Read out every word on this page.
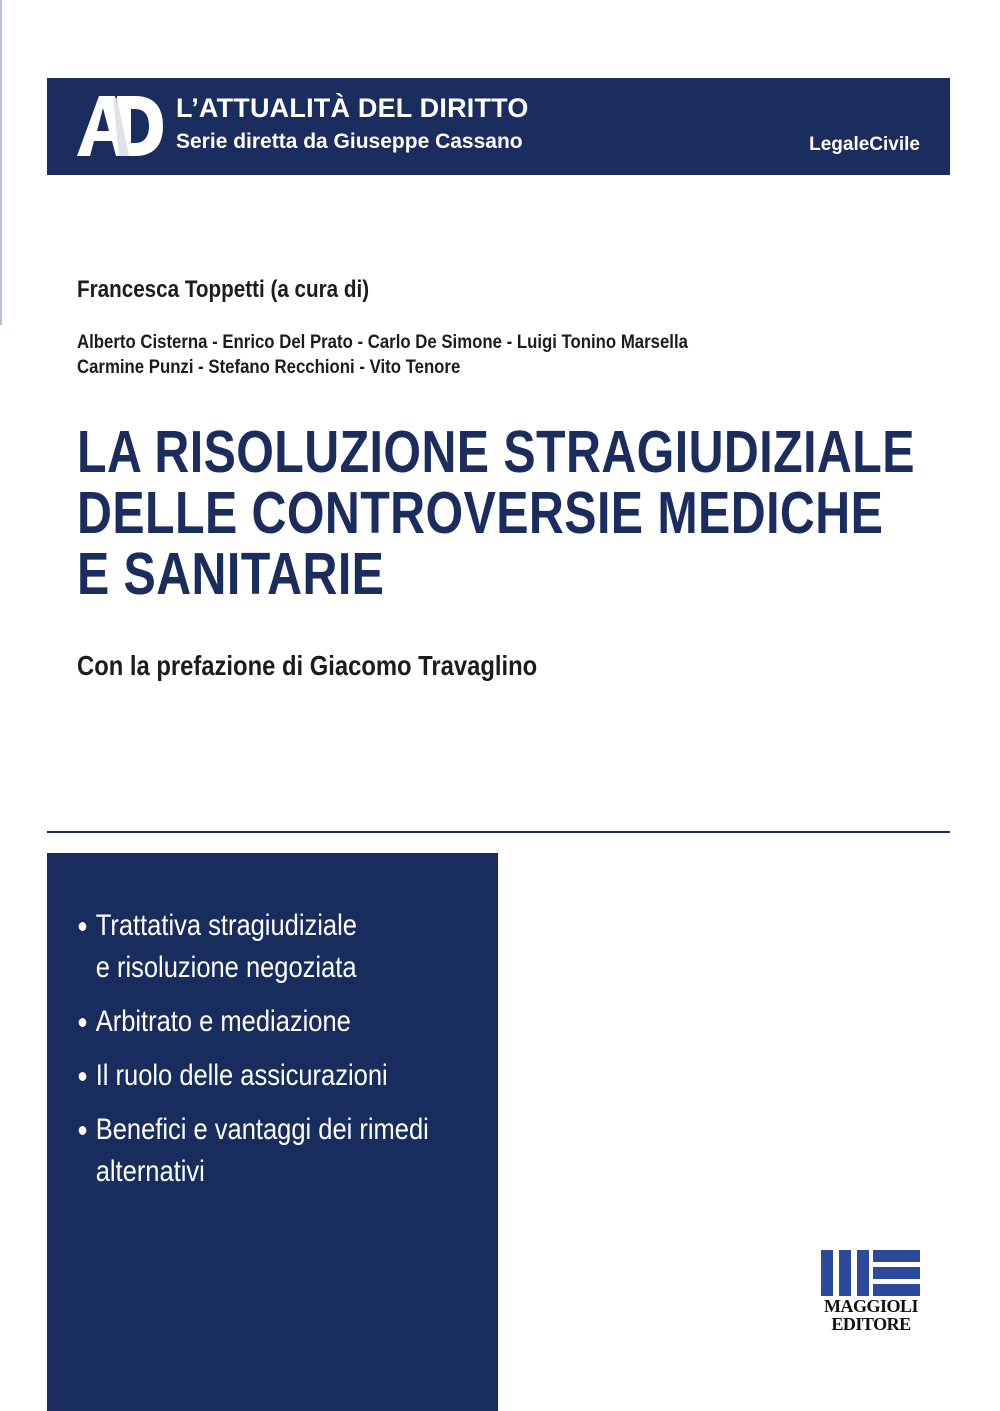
L’ATTUALITÀ DEL DIRITTO
Serie diretta da Giuseppe Cassano	LegaleCivile
Francesca Toppetti (a cura di)
Alberto Cisterna - Enrico Del Prato - Carlo De Simone - Luigi Tonino Marsella
Carmine Punzi - Stefano Recchioni - Vito Tenore
LA RISOLUZIONE STRAGIUDIZIALE
DELLE CONTROVERSIE MEDICHE
E SANITARIE
Con la prefazione di Giacomo Travaglino
Trattativa stragiudiziale
e risoluzione negoziata
Arbitrato e mediazione
Il ruolo delle assicurazioni
Benefici e vantaggi dei rimedi
alternativi
MAGGIOLI
EDITORE
